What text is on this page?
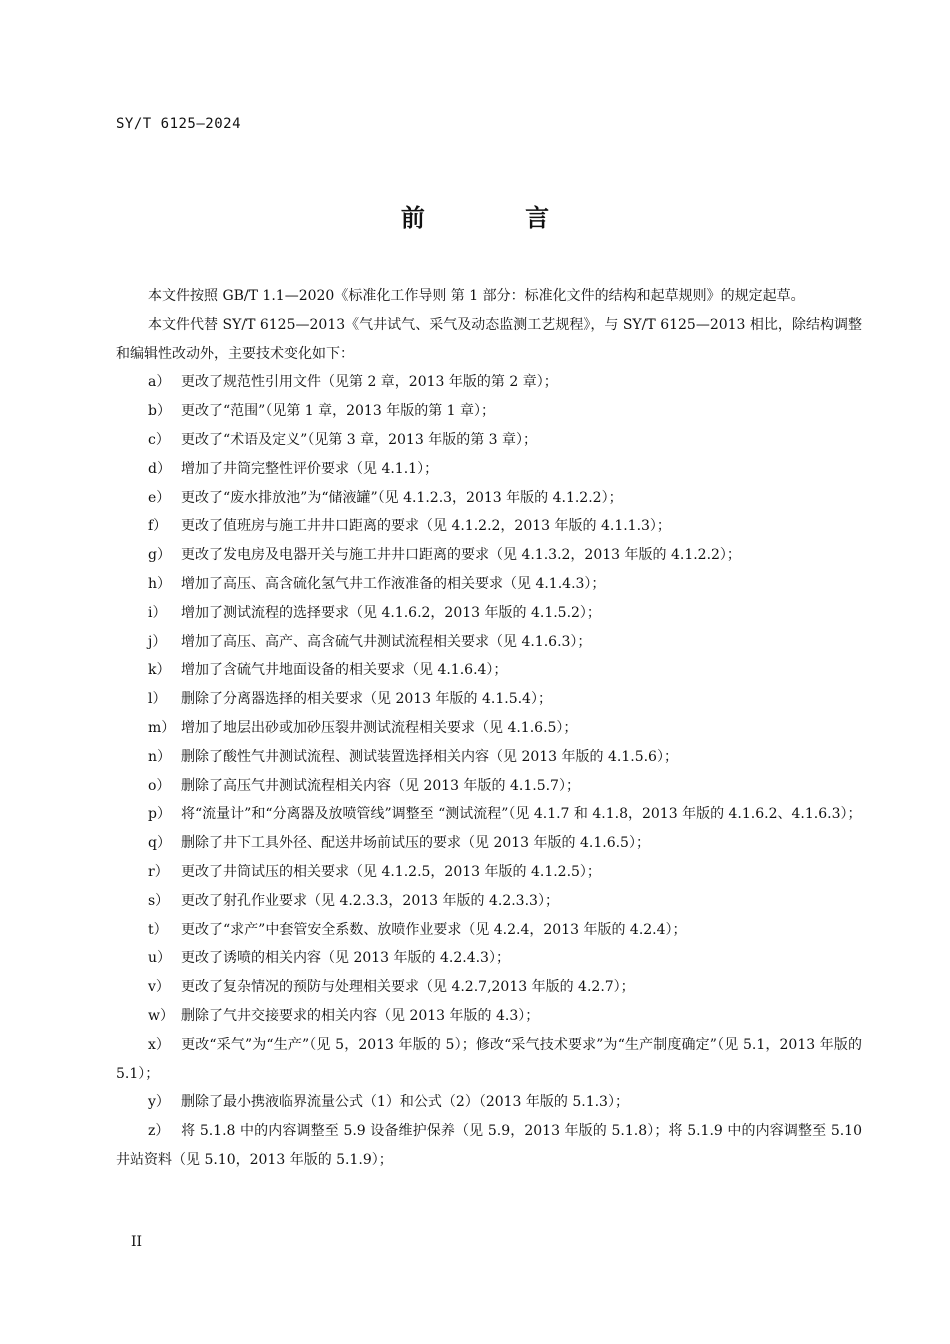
SY/T 6125—2024
前 言

本文件按照 GB/T 1.1—2020《标准化工作导则 第 1 部分：标准化文件的结构和起草规则》的规定起草。

本文件代替 SY/T 6125—2013《气井试气、采气及动态监测工艺规程》，与 SY/T 6125—2013 相比，除结构调整和编辑性改动外，主要技术变化如下：

a） 更改了规范性引用文件（见第 2 章，2013 年版的第 2 章）；

b） 更改了“范围”（见第 1 章，2013 年版的第 1 章）；

c） 更改了“术语及定义”（见第 3 章，2013 年版的第 3 章）；

d） 增加了井筒完整性评价要求（见 4.1.1）；

e） 更改了“废水排放池”为“储液罐”（见 4.1.2.3，2013 年版的 4.1.2.2）；

f） 更改了值班房与施工井井口距离的要求（见 4.1.2.2，2013 年版的 4.1.1.3）；

g） 更改了发电房及电器开关与施工井井口距离的要求（见 4.1.3.2，2013 年版的 4.1.2.2）；

h） 增加了高压、高含硫化氢气井工作液准备的相关要求（见 4.1.4.3）；

i） 增加了测试流程的选择要求（见 4.1.6.2，2013 年版的 4.1.5.2）；

j） 增加了高压、高产、高含硫气井测试流程相关要求（见 4.1.6.3）；

k） 增加了含硫气井地面设备的相关要求（见 4.1.6.4）；

l） 删除了分离器选择的相关要求（见 2013 年版的 4.1.5.4）；

m） 增加了地层出砂或加砂压裂井测试流程相关要求（见 4.1.6.5）；

n） 删除了酸性气井测试流程、测试装置选择相关内容（见 2013 年版的 4.1.5.6）；

o） 删除了高压气井测试流程相关内容（见 2013 年版的 4.1.5.7）；

p） 将“流量计”和“分离器及放喷管线”调整至 “测试流程”（见 4.1.7 和 4.1.8，2013 年版的 4.1.6.2、4.1.6.3）；

q） 删除了井下工具外径、配送井场前试压的要求（见 2013 年版的 4.1.6.5）；

r） 更改了井筒试压的相关要求（见 4.1.2.5，2013 年版的 4.1.2.5）；

s） 更改了射孔作业要求（见 4.2.3.3，2013 年版的 4.2.3.3）；

t） 更改了“求产”中套管安全系数、放喷作业要求（见 4.2.4，2013 年版的 4.2.4）；

u） 更改了诱喷的相关内容（见 2013 年版的 4.2.4.3）；

v） 更改了复杂情况的预防与处理相关要求（见 4.2.7,2013 年版的 4.2.7）；

w） 删除了气井交接要求的相关内容（见 2013 年版的 4.3）；

x） 更改“采气”为“生产”（见 5，2013 年版的 5）；修改“采气技术要求”为“生产制度确定”（见 5.1，2013 年版的 5.1）；

y） 删除了最小携液临界流量公式（1）和公式（2）（2013 年版的 5.1.3）；

z） 将 5.1.8 中的内容调整至 5.9 设备维护保养（见 5.9，2013 年版的 5.1.8）；将 5.1.9 中的内容调整至 5.10 井站资料（见 5.10，2013 年版的 5.1.9）；

II
